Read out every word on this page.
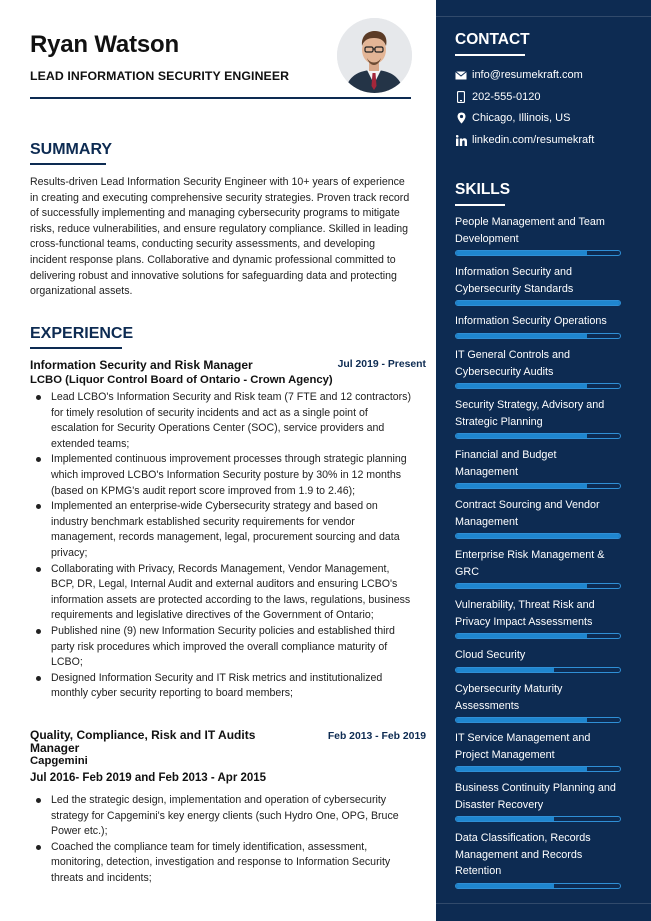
Ryan Watson
LEAD INFORMATION SECURITY ENGINEER
SUMMARY

Results-driven Lead Information Security Engineer with 10+ years of experience in creating and executing comprehensive security strategies. Proven track record of successfully implementing and managing cybersecurity programs to mitigate risks, reduce vulnerabilities, and ensure regulatory compliance. Skilled in leading cross-functional teams, conducting security assessments, and developing incident response plans. Collaborative and dynamic professional committed to delivering robust and innovative solutions for safeguarding data and protecting organizational assets.

EXPERIENCE
Information Security and Risk Manager	Jul 2019 - Present
LCBO (Liquor Control Board of Ontario - Crown Agency)
Lead LCBO's Information Security and Risk team (7 FTE and 12 contractors) for timely resolution of security incidents and act as a single point of escalation for Security Operations Center (SOC), service providers and extended teams;
Implemented continuous improvement processes through strategic planning which improved LCBO's Information Security posture by 30% in 12 months (based on KPMG's audit report score improved from 1.9 to 2.46);
Implemented an enterprise-wide Cybersecurity strategy and based on industry benchmark established security requirements for vendor management, records management, legal, procurement sourcing and data privacy;
Collaborating with Privacy, Records Management, Vendor Management, BCP, DR, Legal, Internal Audit and external auditors and ensuring LCBO's information assets are protected according to the laws, regulations, business requirements and legislative directives of the Government of Ontario;
Published nine (9) new Information Security policies and established third party risk procedures which improved the overall compliance maturity of LCBO;
Designed Information Security and IT Risk metrics and institutionalized monthly cyber security reporting to board members;
Quality, Compliance, Risk and IT Audits Manager
Feb 2013 - Feb 2019
Capgemini
Jul 2016- Feb 2019 and Feb 2013 - Apr 2015
Led the strategic design, implementation and operation of cybersecurity strategy for Capgemini's key energy clients (such Hydro One, OPG, Bruce Power etc.);
Coached the compliance team for timely identification, assessment, monitoring, detection, investigation and response to Information Security threats and incidents;
CONTACT
info@resumekraft.com
202-555-0120
Chicago, Illinois, US
linkedin.com/resumekraft
SKILLS
People Management and Team Development
Information Security and Cybersecurity Standards
Information Security Operations
IT General Controls and Cybersecurity Audits
Security Strategy, Advisory and Strategic Planning
Financial and Budget Management
Contract Sourcing and Vendor Management
Enterprise Risk Management & GRC
Vulnerability, Threat Risk and Privacy Impact Assessments
Cloud Security
Cybersecurity Maturity Assessments
IT Service Management and Project Management
Business Continuity Planning and Disaster Recovery
Data Classification, Records Management and Records Retention
